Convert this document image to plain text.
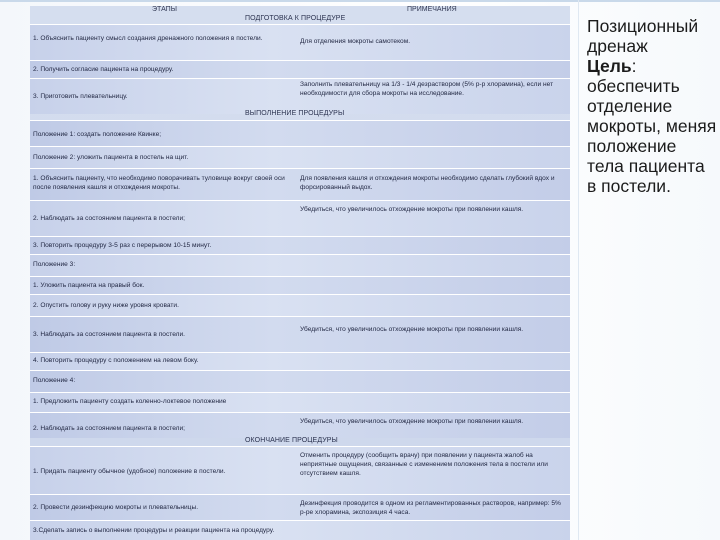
ЭТАПЫ	ПРИМЕЧАНИЯ
ПОДГОТОВКА К ПРОЦЕДУРЕ
1. Объяснить пациенту смысл создания дренажного положения в постели.	Для отделения мокроты самотеком.
2. Получить согласие пациента на процедуру.
3. Приготовить плевательницу.
Заполнить плевательницу на 1/3 - 1/4 дезраствором (5% р-р хлорамина), если нет необходимости для сбора мокроты на исследование.
ВЫПОЛНЕНИЕ ПРОЦЕДУРЫ
Положение 1: создать положение Квинке;
Положение 2: уложить пациента в постель на щит.
1. Объяснить пациенту, что необходимо поворачивать туловище вокруг своей оси после появления кашля и отхождения мокроты.
Для появления кашля и отхождения мокроты необходимо сделать глубокий вдох и форсированный выдох.
2. Наблюдать за состоянием пациента в постели;
Убедиться, что увеличилось отхождение мокроты при появлении кашля.
3. Повторить процедуру 3-5 раз с перерывом 10-15 минут.
Положение 3:
1. Уложить пациента на правый бок.
2. Опустить голову и руку ниже уровня кровати.
3. Наблюдать за состоянием пациента в постели.
Убедиться, что увеличилось отхождение мокроты при появлении кашля.
4. Повторить процедуру с положением на левом боку.
Положение 4:
1. Предложить пациенту создать коленно-локтевое положение
2. Наблюдать за состоянием пациента в постели;
Убедиться, что увеличилось отхождение мокроты при появлении кашля.
ОКОНЧАНИЕ ПРОЦЕДУРЫ
1. Придать пациенту обычное (удобное) положение в постели.
Отменить процедуру (сообщить врачу) при появлении у пациента жалоб на неприятные ощущения, связанные с изменением положения тела в постели или отсутствием кашля.
2. Провести дезинфекцию мокроты и плевательницы.
Дезинфекция проводится в одном из регламентированных растворов, например: 5% р-ре хлорамина, экспозиция 4 часа.
3.Сделать запись о выполнении процедуры и реакции пациента на процедуру.
Позиционный
дренаж
Цель:
обеспечить отделение мокроты, меняя положение тела пациента в постели.
